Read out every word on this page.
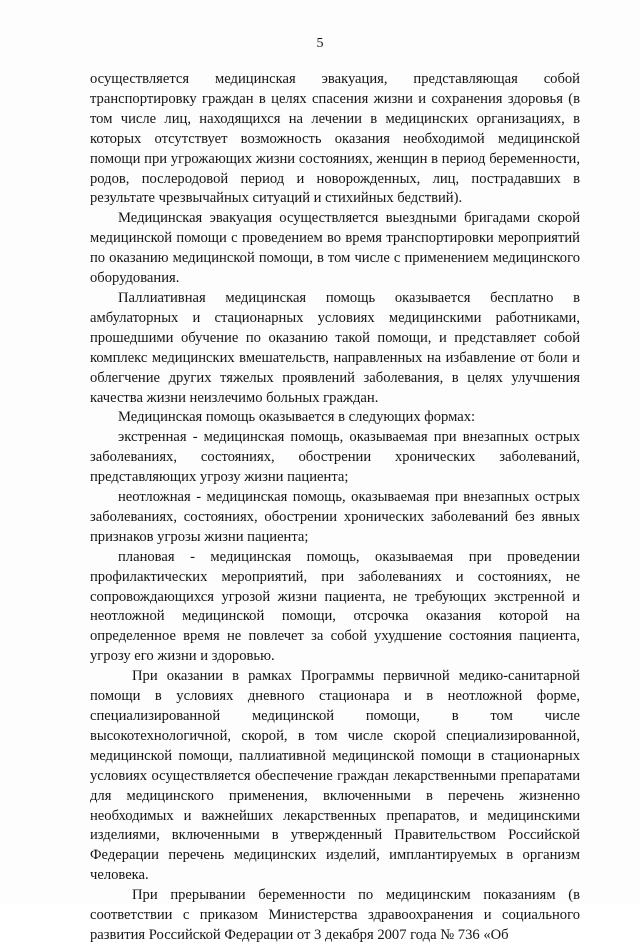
5

осуществляется медицинская эвакуация, представляющая собой транспортировку граждан в целях спасения жизни и сохранения здоровья (в том числе лиц, находящихся на лечении в медицинских организациях, в которых отсутствует возможность оказания необходимой медицинской помощи при угрожающих жизни состояниях, женщин в период беременности, родов, послеродовой период и новорожденных, лиц, пострадавших в результате чрезвычайных ситуаций и стихийных бедствий).

Медицинская эвакуация осуществляется выездными бригадами скорой медицинской помощи с проведением во время транспортировки мероприятий по оказанию медицинской помощи, в том числе с применением медицинского оборудования.

Паллиативная медицинская помощь оказывается бесплатно в амбулаторных и стационарных условиях медицинскими работниками, прошедшими обучение по оказанию такой помощи, и представляет собой комплекс медицинских вмешательств, направленных на избавление от боли и облегчение других тяжелых проявлений заболевания, в целях улучшения качества жизни неизлечимо больных граждан.

Медицинская помощь оказывается в следующих формах:

экстренная - медицинская помощь, оказываемая при внезапных острых заболеваниях, состояниях, обострении хронических заболеваний, представляющих угрозу жизни пациента;

неотложная - медицинская помощь, оказываемая при внезапных острых заболеваниях, состояниях, обострении хронических заболеваний без явных признаков угрозы жизни пациента;

плановая - медицинская помощь, оказываемая при проведении профилактических мероприятий, при заболеваниях и состояниях, не сопровождающихся угрозой жизни пациента, не требующих экстренной и неотложной медицинской помощи, отсрочка оказания которой на определенное время не повлечет за собой ухудшение состояния пациента, угрозу его жизни и здоровью.

При оказании в рамках Программы первичной медико-санитарной помощи в условиях дневного стационара и в неотложной форме, специализированной медицинской помощи, в том числе высокотехнологичной, скорой, в том числе скорой специализированной, медицинской помощи, паллиативной медицинской помощи в стационарных условиях осуществляется обеспечение граждан лекарственными препаратами для медицинского применения, включенными в перечень жизненно необходимых и важнейших лекарственных препаратов, и медицинскими изделиями, включенными в утвержденный Правительством Российской Федерации перечень медицинских изделий, имплантируемых в организм человека.

При прерывании беременности по медицинским показаниям (в соответствии с приказом Министерства здравоохранения и социального развития Российской Федерации от 3 декабря 2007 года № 736 «Об
